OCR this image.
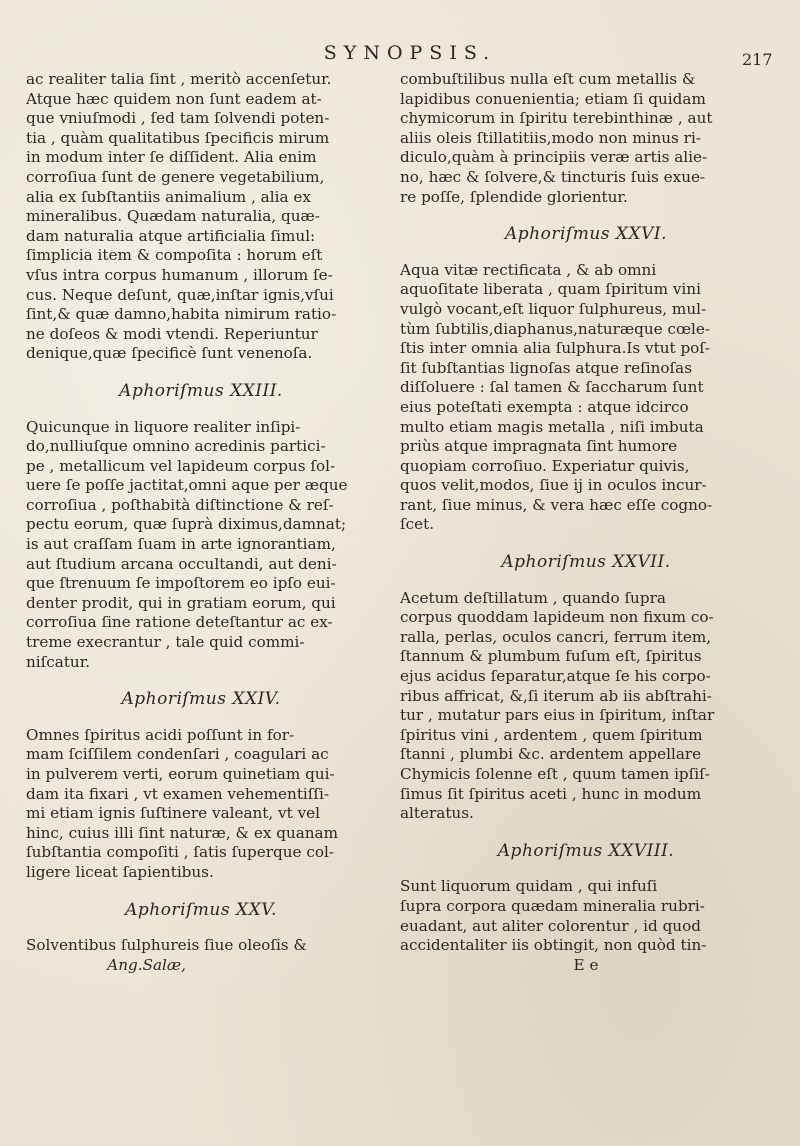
SYNOPSIS.	217
ac realiter talia ſint , meritò accenſetur.
Atque hæc quidem non ſunt eadem at-
que vniuſmodi , ſed tam ſolvendi poten-
tia , quàm qualitatibus ſpecificis mirum
in modum inter ſe diſſident. Alia enim
corroſiua ſunt de genere vegetabilium,
alia ex ſubſtantiis animalium , alia ex
mineralibus. Quædam naturalia, quæ-
dam naturalia atque artificialia ſimul:
ſimplicia item & compoſita : horum eſt
vſus intra corpus humanum , illorum ſe-
cus. Neque deſunt, quæ,inſtar ignis,vſui
ſint,& quæ damno,habita nimirum ratio-
ne doſeos & modi vtendi. Reperiuntur
denique,quæ ſpecificè ſunt venenoſa.
Aphoriſmus XXIII.
Quicunque in liquore realiter inſipi-
do,nulliuſque omnino acredinis partici-
pe , metallicum vel lapideum corpus ſol-
uere ſe poſſe jactitat,omni aque per æque
corroſiua , poſthabità diſtinctione & reſ-
pectu eorum, quæ ſuprà diximus,damnat;
is aut craſſam ſuam in arte ignorantiam,
aut ſtudium arcana occultandi, aut deni-
que ſtrenuum ſe impoſtorem eo ipſo eui-
denter prodit, qui in gratiam eorum, qui
corroſiua ſine ratione deteſtantur ac ex-
treme execrantur , tale quid commi-
niſcatur.
Aphoriſmus XXIV.
Omnes ſpiritus acidi poſſunt in for-
mam ſciſſilem condenſari , coagulari ac
in pulverem verti, eorum quinetiam qui-
dam ita fixari , vt examen vehementiſſi-
mi etiam ignis ſuſtinere valeant, vt vel
hinc, cuius illi ſint naturæ, & ex quanam
ſubſtantia compoſiti , ſatis ſuperque col-
ligere liceat ſapientibus.
Aphoriſmus XXV.
Solventibus ſulphureis ſiue oleoſis &
Ang.Salæ,
combuſtilibus nulla eſt cum metallis &
lapidibus conuenientia; etiam ſi quidam
chymicorum in ſpiritu terebinthinæ , aut
aliis oleis ſtillatitiis,modo non minus ri-
diculo,quàm à principiis veræ artis alie-
no, hæc & ſolvere,& tincturis ſuis exue-
re poſſe, ſplendide glorientur.
Aphoriſmus XXVI.
Aqua vitæ rectificata , & ab omni
aquoſitate liberata , quam ſpiritum vini
vulgò vocant,eſt liquor ſulphureus, mul-
tùm ſubtilis,diaphanus,naturæque cœle-
ſtis inter omnia alia ſulphura.Is vtut poſ-
ſit ſubſtantias lignoſas atque reſinoſas
diſſoluere : ſal tamen & ſaccharum ſunt
eius poteſtati exempta : atque idcirco
multo etiam magis metalla , niſi imbuta
priùs atque impragnata ſint humore
quopiam corroſiuo. Experiatur quivis,
quos velit,modos, ſiue ij in oculos incur-
rant, ſiue minus, & vera hæc eſſe cogno-
ſcet.
Aphoriſmus XXVII.
Acetum deſtillatum , quando ſupra
corpus quoddam lapideum non fixum co-
ralla, perlas, oculos cancri, ferrum item,
ſtannum & plumbum fuſum eſt, ſpiritus
ejus acidus ſeparatur,atque ſe his corpo-
ribus affricat, &,ſi iterum ab iis abſtrahi-
tur , mutatur pars eius in ſpiritum, inſtar
ſpiritus vini , ardentem , quem ſpiritum
ſtanni , plumbi &c. ardentem appellare
Chymicis ſolenne eſt , quum tamen ipſiſ-
ſimus ſit ſpiritus aceti , hunc in modum
alteratus.
Aphoriſmus XXVIII.
Sunt liquorum quidam , qui infuſi
ſupra corpora quædam mineralia rubri-
euadant, aut aliter colorentur , id quod
accidentaliter iis obtingit, non quòd tin-
E e
